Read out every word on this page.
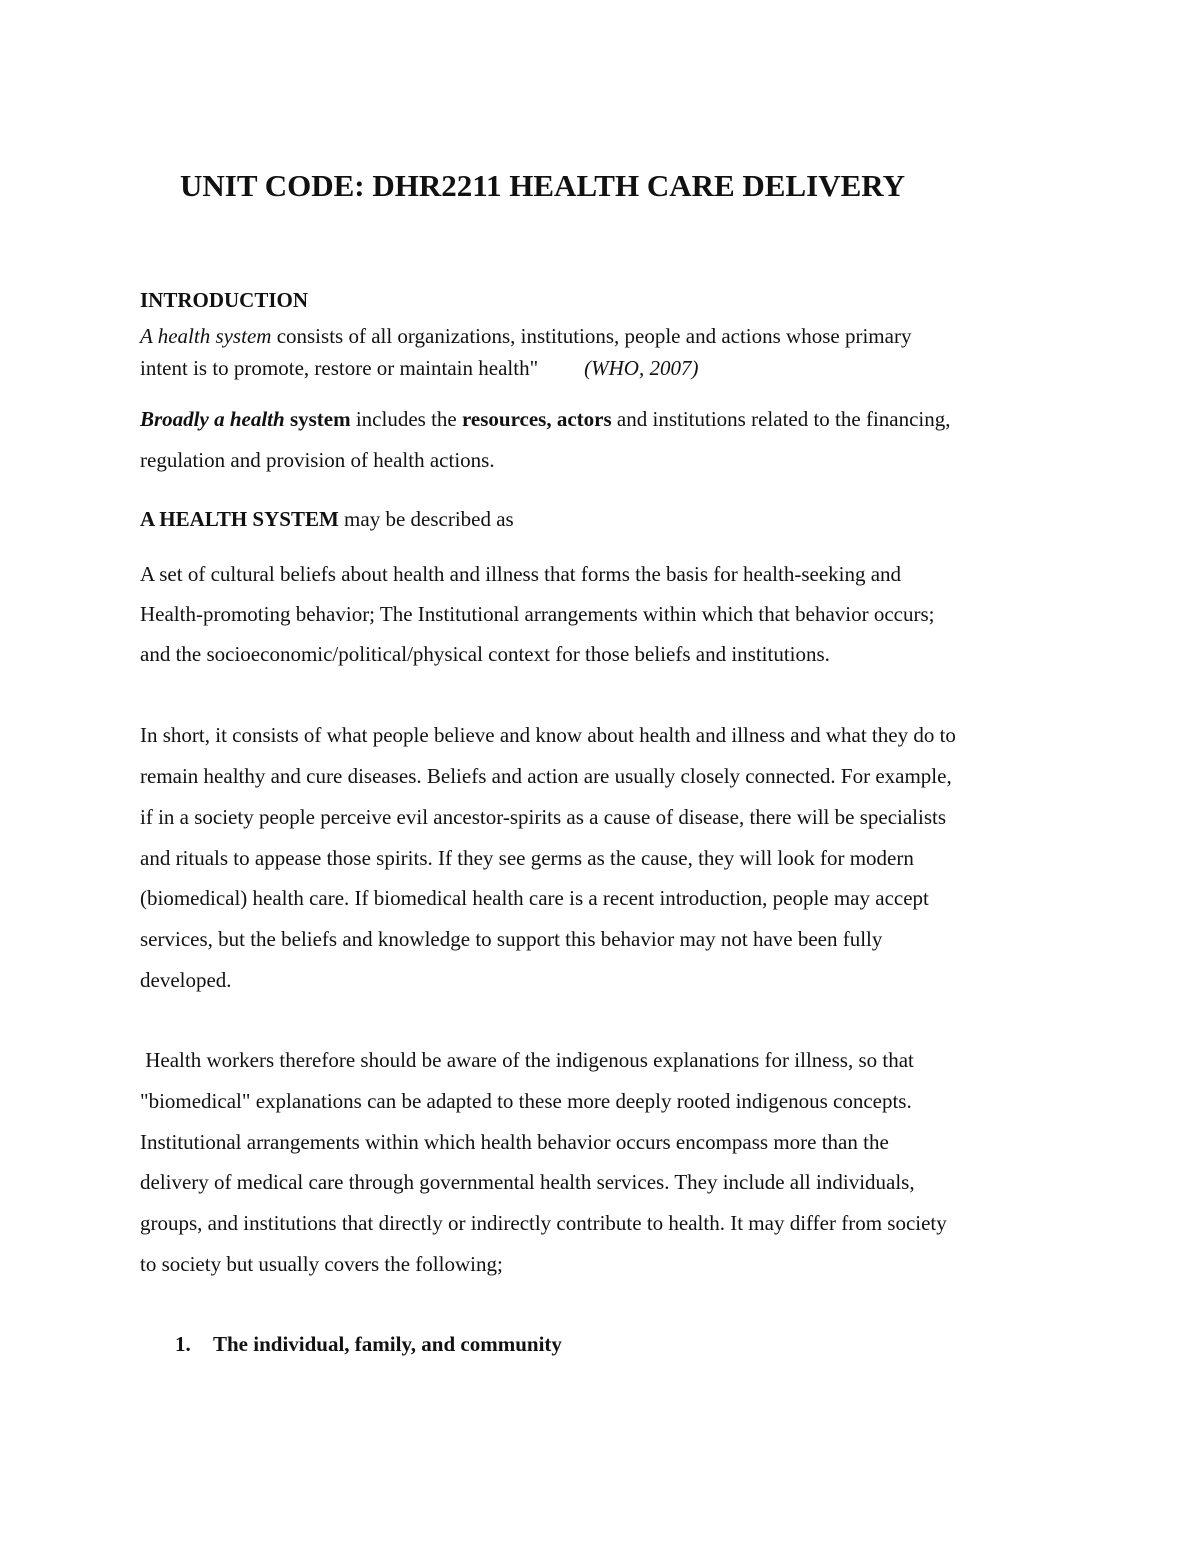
UNIT CODE: DHR2211 HEALTH CARE DELIVERY

INTRODUCTION

A health system consists of all organizations, institutions, people and actions whose primary

intent is to promote, restore or maintain health" (WHO, 2007)

Broadly a health system includes the resources, actors and institutions related to the financing,

regulation and provision of health actions.

A HEALTH SYSTEM may be described as

A set of cultural beliefs about health and illness that forms the basis for health-seeking and

Health-promoting behavior; The Institutional arrangements within which that behavior occurs;

and the socioeconomic/political/physical context for those beliefs and institutions.

In short, it consists of what people believe and know about health and illness and what they do to

remain healthy and cure diseases. Beliefs and action are usually closely connected. For example,

if in a society people perceive evil ancestor-spirits as a cause of disease, there will be specialists

and rituals to appease those spirits. If they see germs as the cause, they will look for modern

(biomedical) health care. If biomedical health care is a recent introduction, people may accept

services, but the beliefs and knowledge to support this behavior may not have been fully

developed.

Health workers therefore should be aware of the indigenous explanations for illness, so that

"biomedical" explanations can be adapted to these more deeply rooted indigenous concepts.

Institutional arrangements within which health behavior occurs encompass more than the

delivery of medical care through governmental health services. They include all individuals,

groups, and institutions that directly or indirectly contribute to health. It may differ from society

to society but usually covers the following;

1. The individual, family, and community
